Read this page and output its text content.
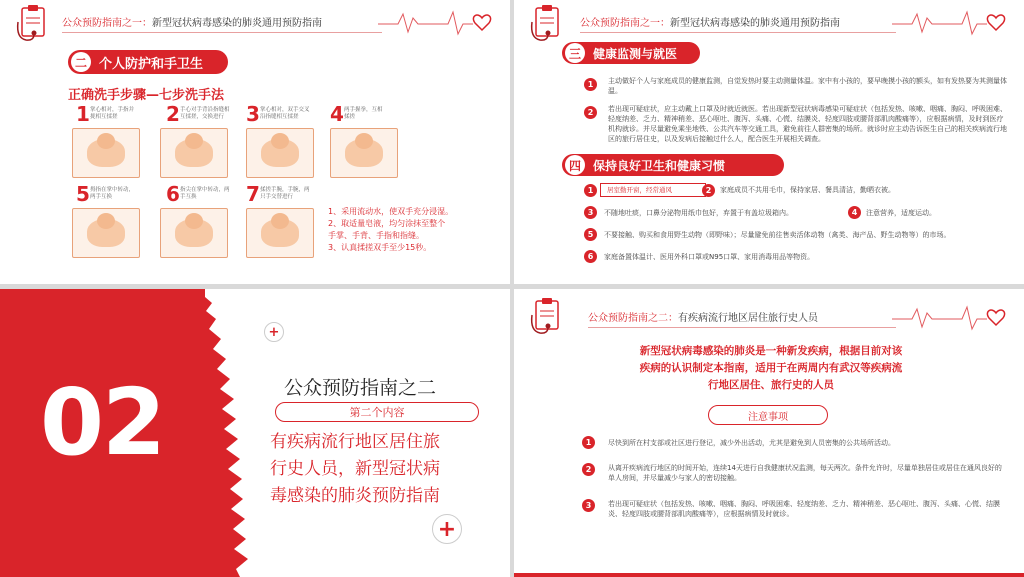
公众预防指南之一：新型冠状病毒感染的肺炎通用预防指南
二 个人防护和手卫生
正确洗手步骤—七步洗手法
1 掌心相对，手指并拢相互揉搓	2 手心对手背沿指缝相互揉搓，交换进行 3 掌心相对，双手交叉沿指缝相互揉搓	4 两手握拳，互相揉搓
5 拇指在掌中转动，两手互换	6 指尖在掌中转动，两手互换	7 揉搓手腕，手腕，两只手交替进行
1、采用流动水，使双手充分浸湿。
2、取适量皂液，均匀涂抹至整个
手掌、手背、手指和指缝。
3、认真揉搓双手至少15秒。
公众预防指南之一：新型冠状病毒感染的肺炎通用预防指南
三	健康监测与就医
1	主动做好个人与家庭成员的健康监测，自觉发热时要主动测量体温。家中有小孩的，要早晚摸小孩的额头，如有发热要为其测量体温。
2	若出现可疑症状，应主动戴上口罩及时就近就医。若出现新型冠状病毒感染可疑症状（包括发热、咳嗽、咽痛、胸闷、呼吸困难、轻度纳差、乏力、精神稍差、恶心呕吐、腹泻、头痛、心慌、结膜炎、轻度四肢或腰背部肌肉酸痛等），应根据病情，及时到医疗机构就诊。并尽量避免乘坐地铁、公共汽车等交通工具，避免前往人群密集的场所。就诊时应主动告诉医生自己的相关疾病流行地区的旅行居住史，以及发病后接触过什么人，配合医生开展相关调查。
四	保持良好卫生和健康习惯
1	居室勤开窗，经常通风	2	家庭成员不共用毛巾，保持家居、餐具清洁，勤晒衣被。
3	不随地吐痰，口鼻分泌物用纸巾包好，弃置于有盖垃圾箱内。	4	注意营养，适度运动。
5	不要接触、购买和食用野生动物（即野味）；尽量避免前往售卖活体动物（禽类、海产品、野生动物等）的市场。
6	家庭备置体温计、医用外科口罩或N95口罩、家用消毒用品等物资。
02
+
公众预防指南之二
第二个内容
有疾病流行地区居住旅
行史人员，新型冠状病
毒感染的肺炎预防指南
+
公众预防指南之二：有疾病流行地区居住旅行史人员
新型冠状病毒感染的肺炎是一种新发疾病，根据目前对该
疾病的认识制定本指南，适用于在两周内有武汉等疾病流
行地区居住、旅行史的人员
注意事项
1	尽快到所在村支部或社区进行登记，减少外出活动，尤其是避免到人员密集的公共场所活动。
2	从离开疾病流行地区的时间开始，连续14天进行自我健康状况监测，每天两次。条件允许时，尽量单独居住或居住在通风良好的单人房间，并尽量减少与家人的密切接触。
3	若出现可疑症状（包括发热、咳嗽、咽痛、胸闷、呼吸困难、轻度纳差、乏力、精神稍差、恶心呕吐、腹泻、头痛、心慌、结膜炎、轻度四肢或腰背部肌肉酸痛等），应根据病情及时就诊。
